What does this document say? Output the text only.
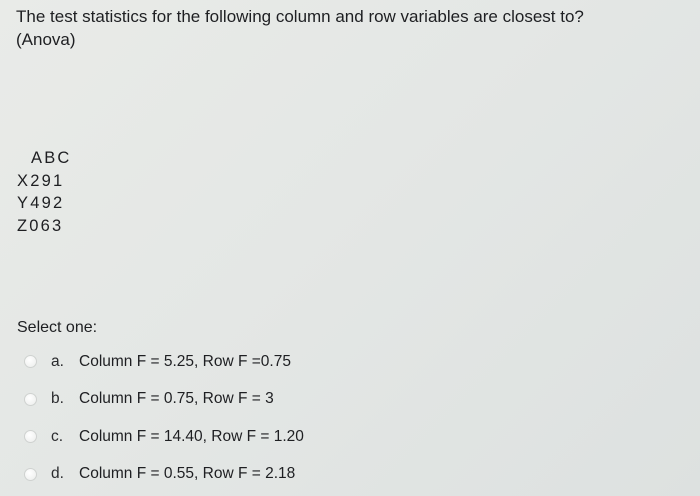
The test statistics for the following column and row variables are closest to?

(Anova)

ABC
X291
Y492
Z063
Select one:
a. Column F = 5.25, Row F =0.75
b. Column F = 0.75, Row F = 3
c.	Column F = 14.40, Row F = 1.20
d. Column F = 0.55, Row F = 2.18
